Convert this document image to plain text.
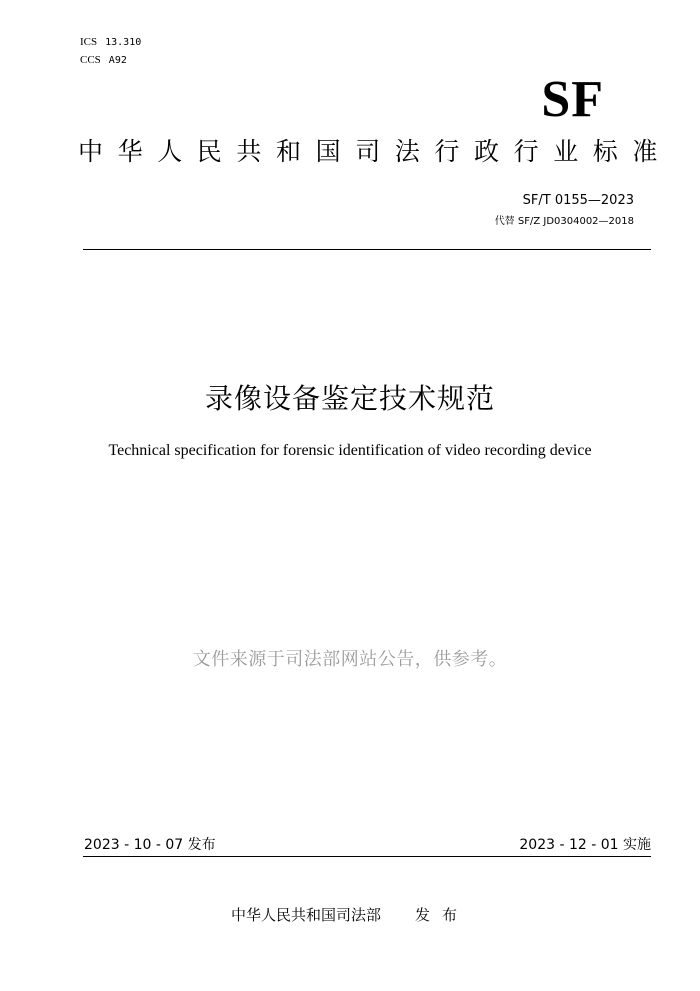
ICS 13.310
CCS A92
SF
中华人民共和国司法行政行业标准
SF/T 0155—2023
代替 SF/Z JD0304002—2018
录像设备鉴定技术规范
Technical specification for forensic identification of video recording device
文件来源于司法部网站公告，供参考。
2023 - 10 - 07 发布	2023 - 12 - 01 实施
中华人民共和国司法部 发布
